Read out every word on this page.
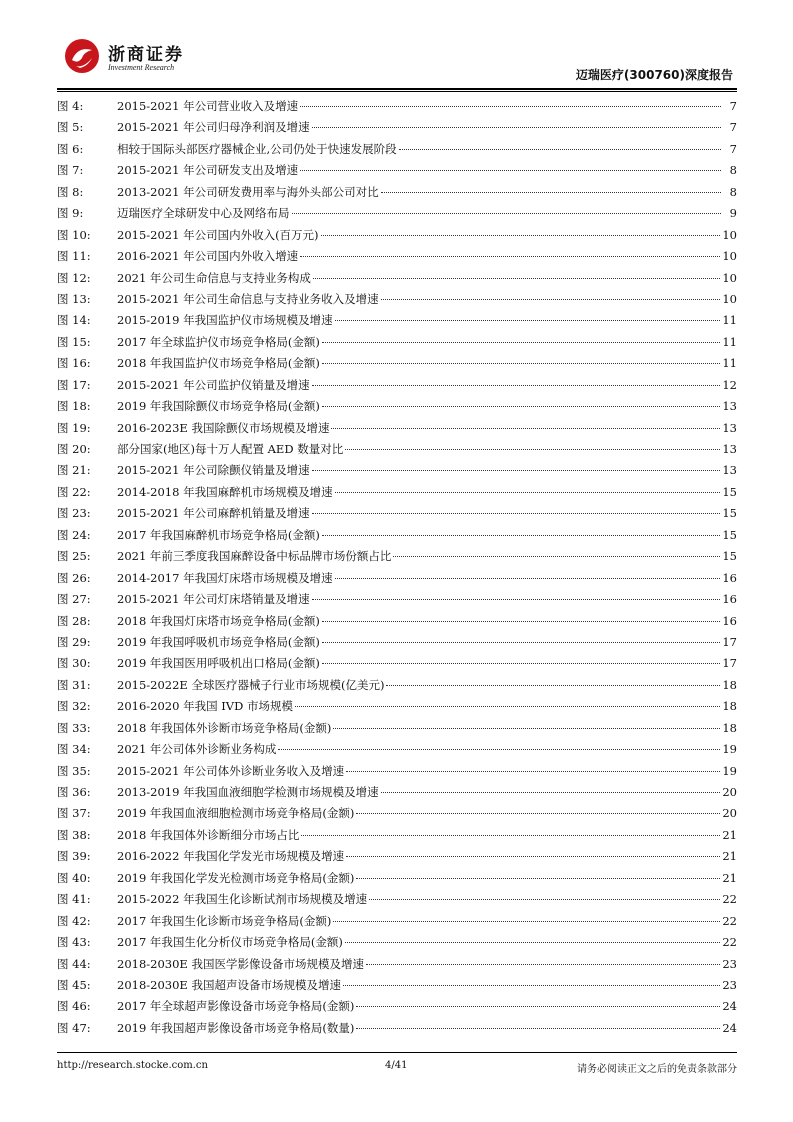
浙商证券
Investment Research
迈瑞医疗(300760)深度报告
图 4:	2015-2021 年公司营业收入及增速	7
图 5:	2015-2021 年公司归母净利润及增速	7
图 6:	相较于国际头部医疗器械企业,公司仍处于快速发展阶段	7
图 7:	2015-2021 年公司研发支出及增速	8
图 8:	2013-2021 年公司研发费用率与海外头部公司对比	8
图 9:	迈瑞医疗全球研发中心及网络布局	9
图 10:	2015-2021 年公司国内外收入(百万元)	10
图 11:	2016-2021 年公司国内外收入增速	10
图 12:	2021 年公司生命信息与支持业务构成	10
图 13:	2015-2021 年公司生命信息与支持业务收入及增速	10
图 14:	2015-2019 年我国监护仪市场规模及增速	11
图 15:	2017 年全球监护仪市场竞争格局(金额)	11
图 16:	2018 年我国监护仪市场竞争格局(金额)	11
图 17:	2015-2021 年公司监护仪销量及增速	12
图 18:	2019 年我国除颤仪市场竞争格局(金额)	13
图 19:	2016-2023E 我国除颤仪市场规模及增速	13
图 20:	部分国家(地区)每十万人配置 AED 数量对比	13
图 21:	2015-2021 年公司除颤仪销量及增速	13
图 22:	2014-2018 年我国麻醉机市场规模及增速	15
图 23:	2015-2021 年公司麻醉机销量及增速	15
图 24:	2017 年我国麻醉机市场竞争格局(金额)	15
图 25:	2021 年前三季度我国麻醉设备中标品牌市场份额占比	15
图 26:	2014-2017 年我国灯床塔市场规模及增速	16
图 27:	2015-2021 年公司灯床塔销量及增速	16
图 28:	2018 年我国灯床塔市场竞争格局(金额)	16
图 29:	2019 年我国呼吸机市场竞争格局(金额)	17
图 30:	2019 年我国医用呼吸机出口格局(金额)	17
图 31:	2015-2022E 全球医疗器械子行业市场规模(亿美元)	18
图 32:	2016-2020 年我国 IVD 市场规模	18
图 33:	2018 年我国体外诊断市场竞争格局(金额)	18
图 34:	2021 年公司体外诊断业务构成	19
图 35:	2015-2021 年公司体外诊断业务收入及增速	19
图 36:	2013-2019 年我国血液细胞学检测市场规模及增速	20
图 37:	2019 年我国血液细胞检测市场竞争格局(金额)	20
图 38:	2018 年我国体外诊断细分市场占比	21
图 39:	2016-2022 年我国化学发光市场规模及增速	21
图 40:	2019 年我国化学发光检测市场竞争格局(金额)	21
图 41:	2015-2022 年我国生化诊断试剂市场规模及增速	22
图 42:	2017 年我国生化诊断市场竞争格局(金额)	22
图 43:	2017 年我国生化分析仪市场竞争格局(金额)	22
图 44:	2018-2030E 我国医学影像设备市场规模及增速	23
图 45:	2018-2030E 我国超声设备市场规模及增速	23
图 46:	2017 年全球超声影像设备市场竞争格局(金额)	24
图 47:	2019 年我国超声影像设备市场竞争格局(数量)	24
http://research.stocke.com.cn	4/41	请务必阅读正文之后的免责条款部分
